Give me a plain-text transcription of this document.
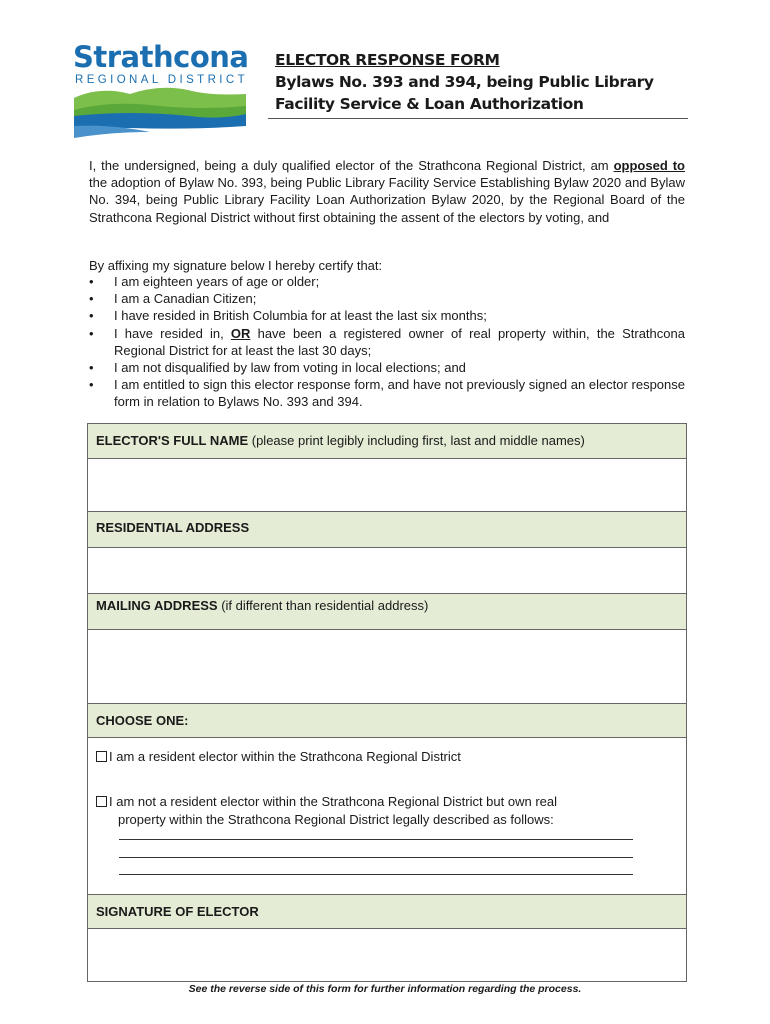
Strathcona
REGIONAL DISTRICT
ELECTOR RESPONSE FORM
Bylaws No. 393 and 394, being Public Library
Facility Service & Loan Authorization

I, the undersigned, being a duly qualified elector of the Strathcona Regional District, am opposed to the adoption of Bylaw No. 393, being Public Library Facility Service Establishing Bylaw 2020 and Bylaw No. 394, being Public Library Facility Loan Authorization Bylaw 2020, by the Regional Board of the Strathcona Regional District without first obtaining the assent of the electors by voting, and

By affixing my signature below I hereby certify that:

• I am eighteen years of age or older;
• I am a Canadian Citizen;
• I have resided in British Columbia for at least the last six months;
• I have resided in, OR have been a registered owner of real property within, the Strathcona Regional District for at least the last 30 days;
• I am not disqualified by law from voting in local elections; and
• I am entitled to sign this elector response form, and have not previously signed an elector response form in relation to Bylaws No. 393 and 394.
ELECTOR'S FULL NAME (please print legibly including first, last and middle names)
RESIDENTIAL ADDRESS
MAILING ADDRESS (if different than residential address)
CHOOSE ONE:
I am a resident elector within the Strathcona Regional District
I am not a resident elector within the Strathcona Regional District but own real
property within the Strathcona Regional District legally described as follows:
SIGNATURE OF ELECTOR
See the reverse side of this form for further information regarding the process.
